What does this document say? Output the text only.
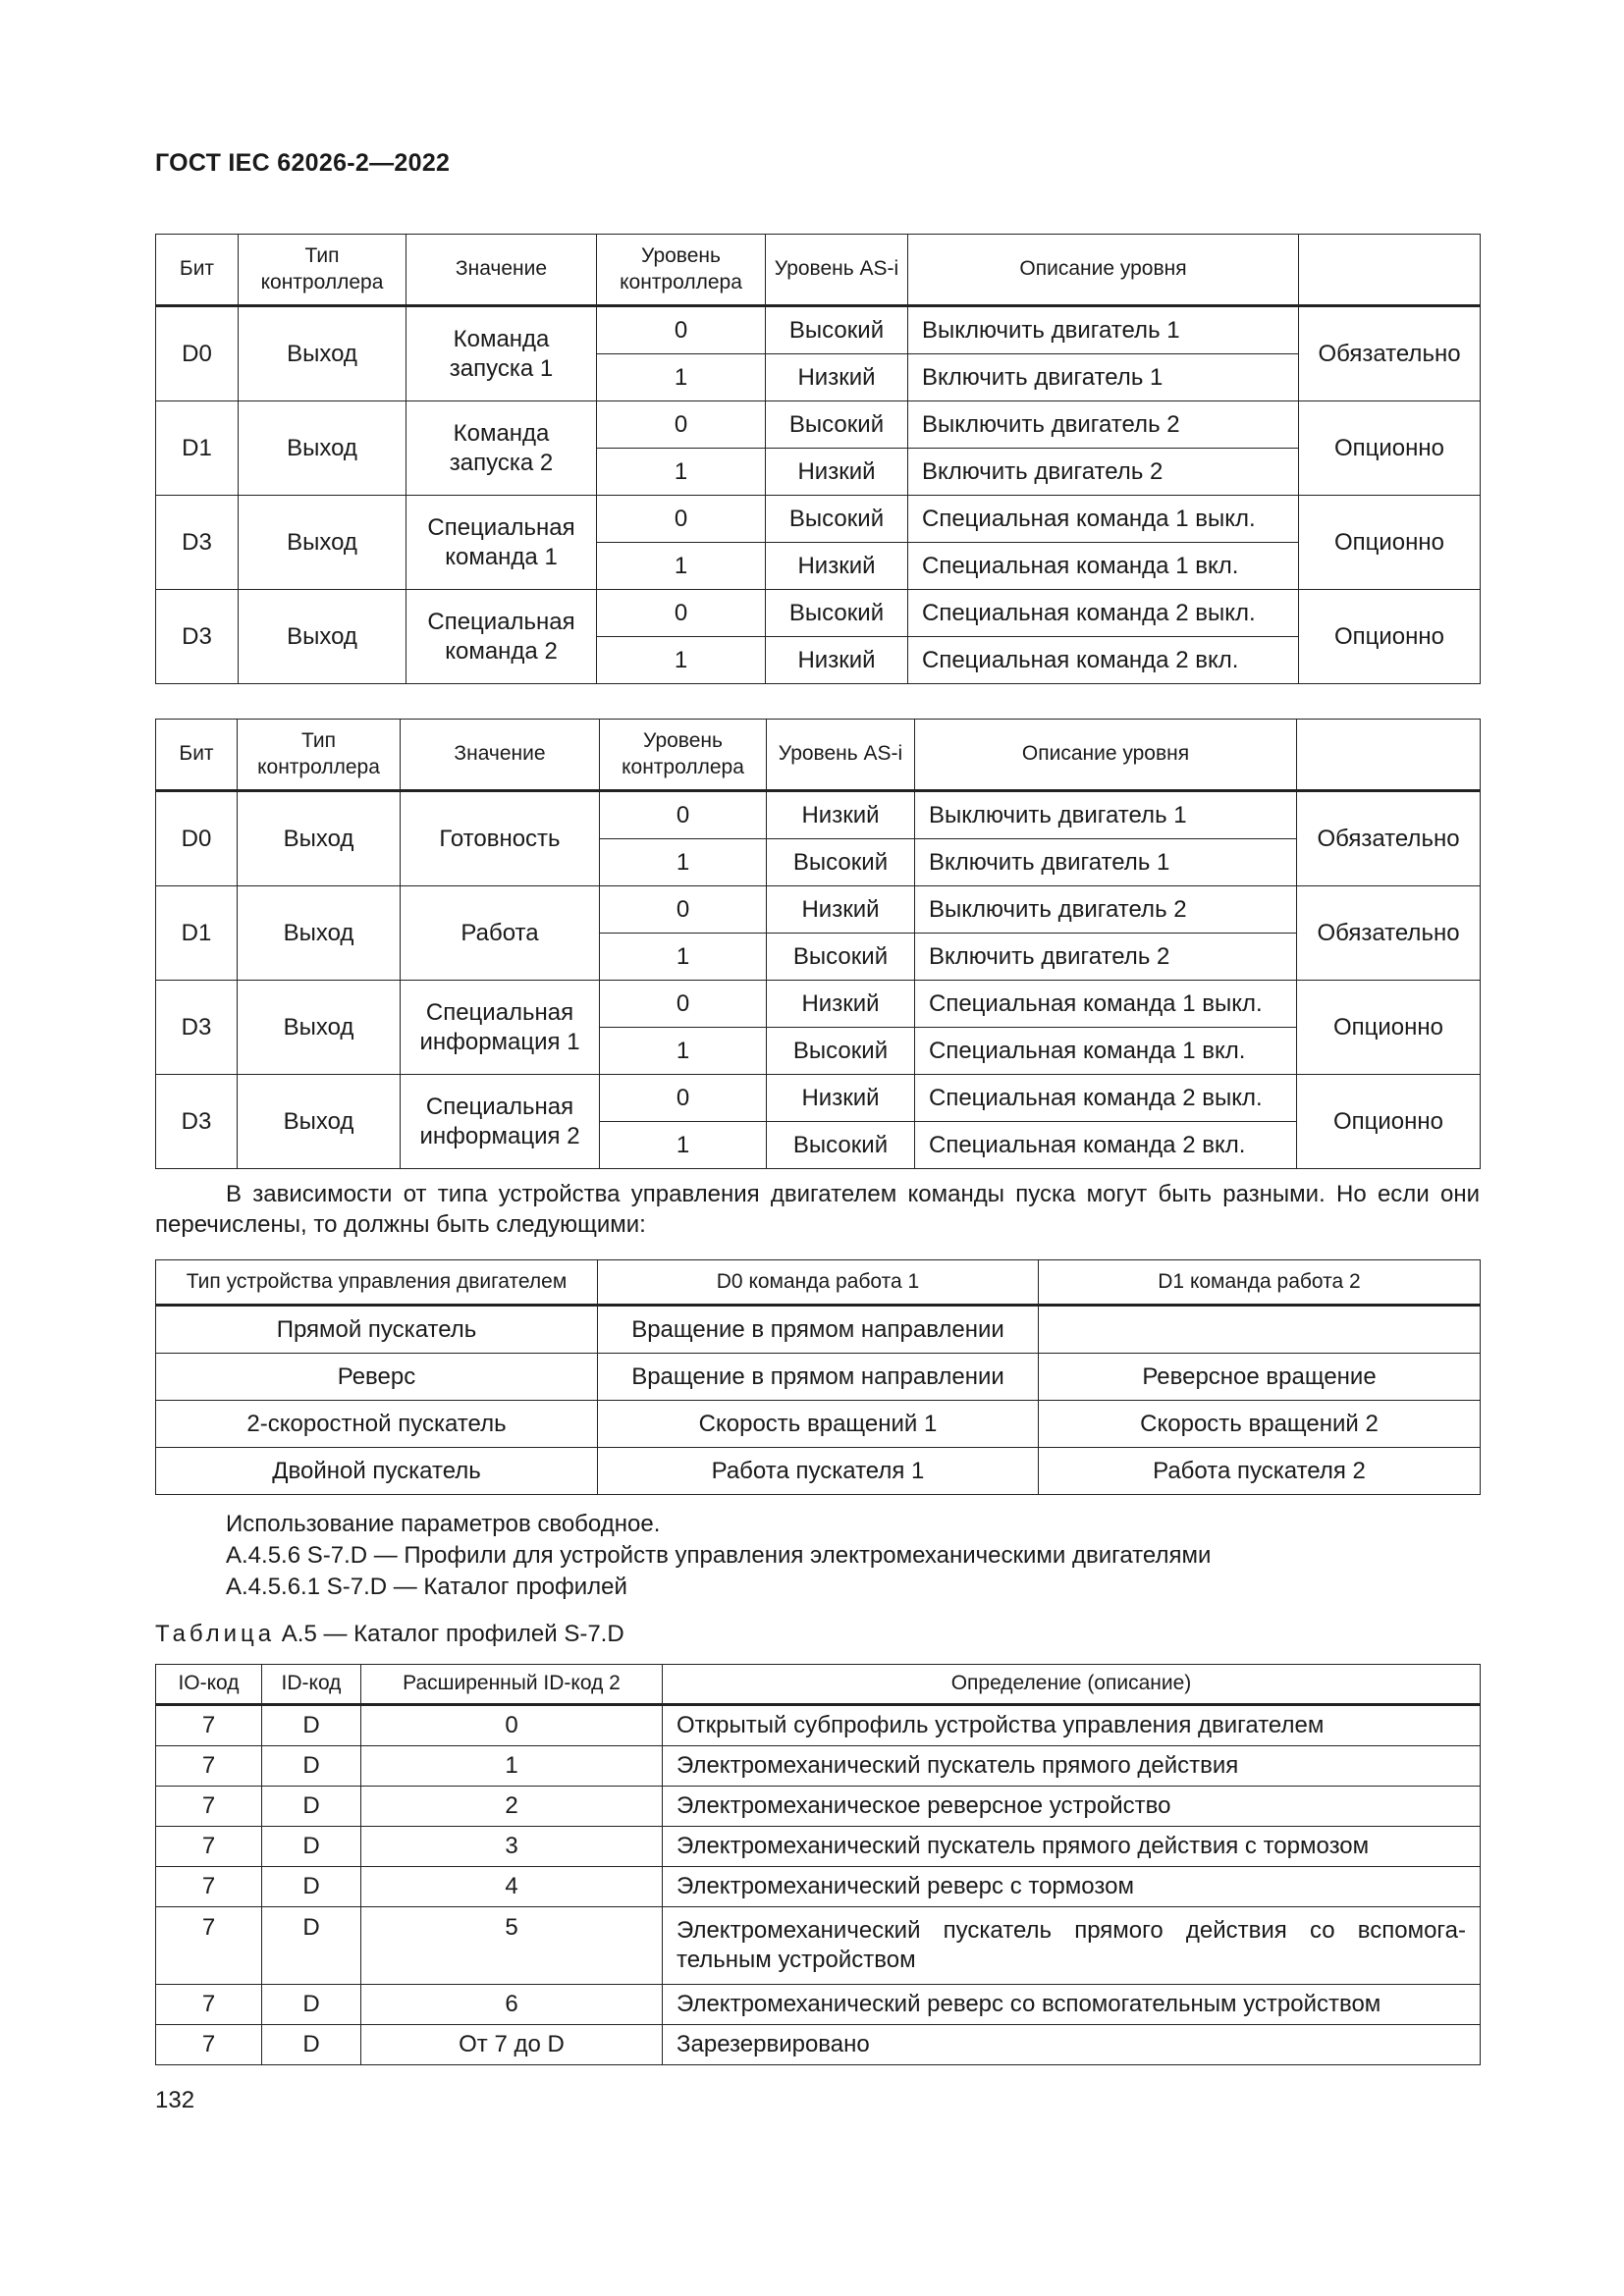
ГОСТ IEC 62026-2—2022
Бит	Тип контроллера	Значение	Уровень контроллера	Уровень AS-i	Описание уровня	
D0	Выход	Команда запуска 1	0	Высокий	Выключить двигатель 1	Обязательно
			1	Низкий	Включить двигатель 1	
D1	Выход	Команда запуска 2	0	Высокий	Выключить двигатель 2	Опционно
			1	Низкий	Включить двигатель 2	
D3	Выход	Специальная команда 1	0	Высокий	Специальная команда 1 выкл.	Опционно
			1	Низкий	Специальная команда 1 вкл.	
D3	Выход	Специальная команда 2	0	Высокий	Специальная команда 2 выкл.	Опционно
			1	Низкий	Специальная команда 2 вкл.	
Бит	Тип контроллера	Значение	Уровень контроллера	Уровень AS-i	Описание уровня	
D0	Выход	Готовность	0	Низкий	Выключить двигатель 1	Обязательно
			1	Высокий	Включить двигатель 1	
D1	Выход	Работа	0	Низкий	Выключить двигатель 2	Обязательно
			1	Высокий	Включить двигатель 2	
D3	Выход	Специальная информация 1	0	Низкий	Специальная команда 1 выкл.	Опционно
			1	Высокий	Специальная команда 1 вкл.	
D3	Выход	Специальная информация 2	0	Низкий	Специальная команда 2 выкл.	Опционно
			1	Высокий	Специальная команда 2 вкл.	
В зависимости от типа устройства управления двигателем команды пуска могут быть разными. Но если они перечислены, то должны быть следующими:
Тип устройства управления двигателем	D0 команда работа 1	D1 команда работа 2
Прямой пускатель	Вращение в прямом направлении	
Реверс	Вращение в прямом направлении	Реверсное вращение
2-скоростной пускатель	Скорость вращений 1	Скорость вращений 2
Двойной пускатель	Работа пускателя 1	Работа пускателя 2
Использование параметров свободное.
А.4.5.6 S-7.D — Профили для устройств управления электромеханическими двигателями
А.4.5.6.1 S-7.D — Каталог профилей
Таблица А.5 — Каталог профилей S-7.D
IO-код	ID-код	Расширенный ID-код 2	Определение (описание)
7	D	0	Открытый субпрофиль устройства управления двигателем
7	D	1	Электромеханический пускатель прямого действия
7	D	2	Электромеханическое реверсное устройство
7	D	3	Электромеханический пускатель прямого действия с тормозом
7	D	4	Электромеханический реверс с тормозом
7	D	5	Электромеханический пускатель прямого действия со вспомогательным устройством
7	D	6	Электромеханический реверс со вспомогательным устройством
7	D	От 7 до D	Зарезервировано
132
